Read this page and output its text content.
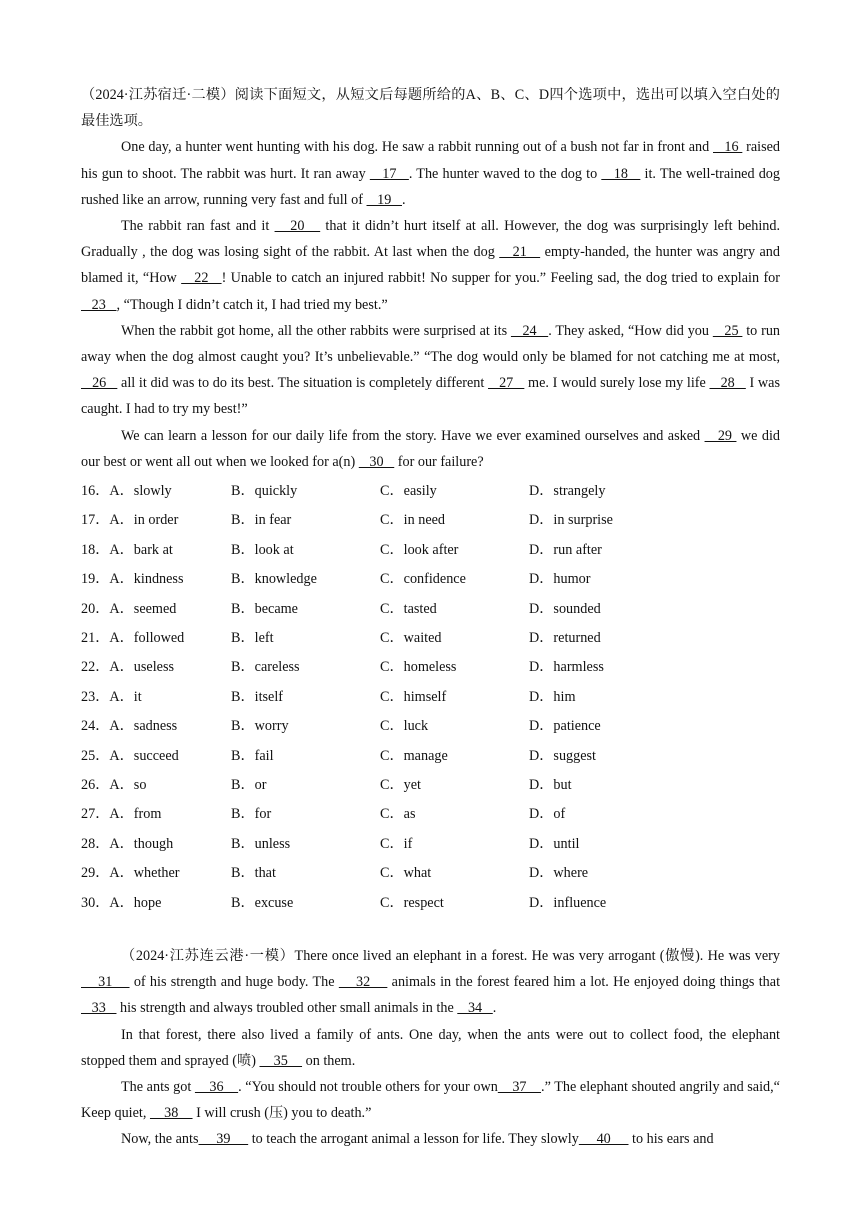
（2024·江苏宿迁·二模）阅读下面短文，从短文后每题所给的A、B、C、D四个选项中，选出可以填入空白处的最佳选项。

One day, a hunter went hunting with his dog. He saw a rabbit running out of a bush not far in front and    16  raised his gun to shoot. The rabbit was hurt. It ran away    17   . The hunter waved to the dog to    18    it. The well-trained dog rushed like an arrow, running very fast and full of    19   .

The rabbit ran fast and it    20    that it didn’t hurt itself at all. However, the dog was surprisingly left behind. Gradually , the dog was losing sight of the rabbit. At last when the dog    21    empty-handed, the hunter was angry and blamed it, “How    22   ! Unable to catch an injured rabbit! No supper for you.” Feeling sad, the dog tried to explain for    23   , “Though I didn’t catch it, I had tried my best.”

When the rabbit got home, all the other rabbits were surprised at its    24   . They asked, “How did you    25  to run away when the dog almost caught you? It’s unbelievable.” “The dog would only be blamed for not catching me at most,    26    all it did was to do its best. The situation is completely different    27    me. I would surely lose my life    28    I was caught. I had to try my best!”

We can learn a lesson for our daily life from the story. Have we ever examined ourselves and asked    29  we did our best or went all out when we looked for a(n)    30    for our failure?

16．A．slowly	B．quickly	C．easily	D．strangely
17．A．in order	B．in fear	C．in need	D．in surprise
18．A．bark at	B．look at	C．look after	D．run after
19．A．kindness	B．knowledge	C．confidence	D．humor
20．A．seemed	B．became	C．tasted	D．sounded
21．A．followed	B．left	C．waited	D．returned
22．A．useless	B．careless	C．homeless	D．harmless
23．A．it	B．itself	C．himself	D．him
24．A．sadness	B．worry	C．luck	D．patience
25．A．succeed	B．fail	C．manage	D．suggest
26．A．so	B．or	C．yet	D．but
27．A．from	B．for	C．as	D．of
28．A．though	B．unless	C．if	D．until
29．A．whether	B．that	C．what	D．where
30．A．hope	B．excuse	C．respect	D．influence

（2024·江苏连云港·一模）There once lived an elephant in a forest. He was very arrogant (傲慢). He was very     31     of his strength and huge body. The     32     animals in the forest feared him a lot. He enjoyed doing things that    33    his strength and always troubled other small animals in the    34   .

In that forest, there also lived a family of ants. One day, when the ants were out to collect food, the elephant stopped them and sprayed (喷)     35     on them.

The ants got     36    . “You should not trouble others for your own    37    .” The elephant shouted angrily and said,“ Keep quiet,     38     I will crush (压) you to death.”

Now, the ants     39      to teach the arrogant animal a lesson for life. They slowly     40      to his ears and
